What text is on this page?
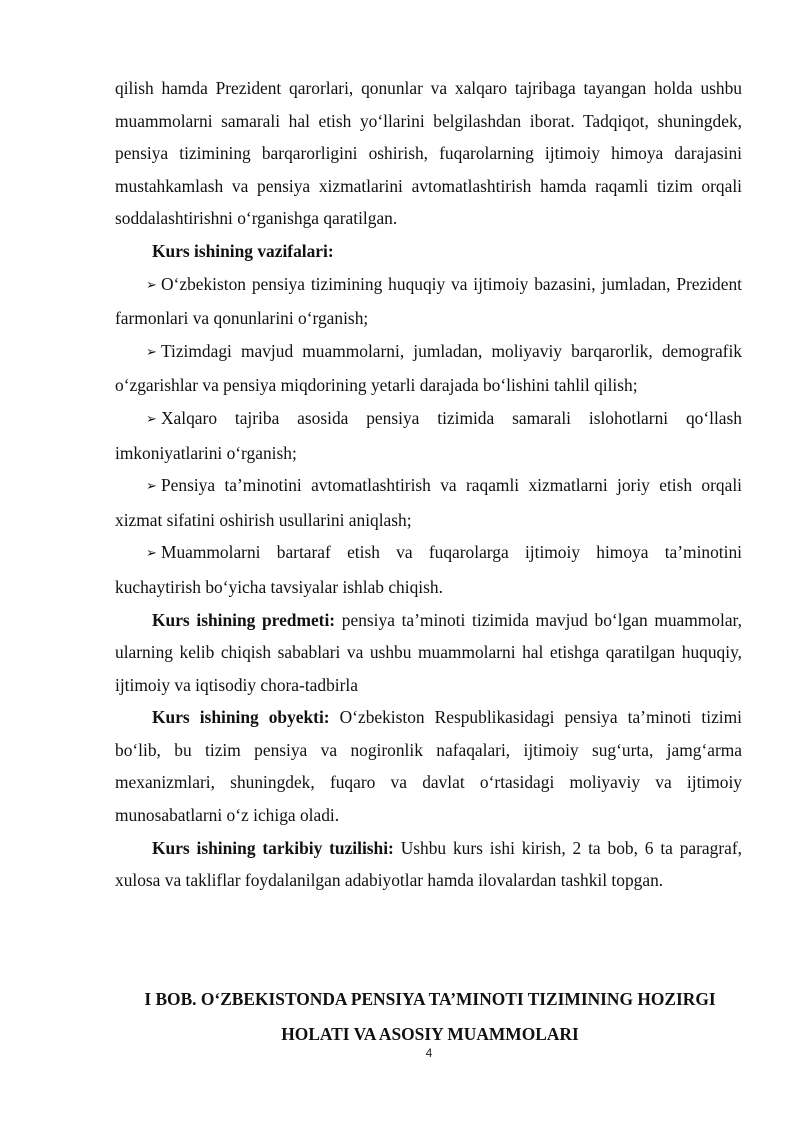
qilish hamda Prezident qarorlari, qonunlar va xalqaro tajribaga tayangan holda ushbu muammolarni samarali hal etish yo‘llarini belgilashdan iborat. Tadqiqot, shuningdek, pensiya tizimining barqarorligini oshirish, fuqarolarning ijtimoiy himoya darajasini mustahkamlash va pensiya xizmatlarini avtomatlashtirish hamda raqamli tizim orqali soddalashtirishni o‘rganishga qaratilgan.

Kurs ishining vazifalari:

➢ O‘zbekiston pensiya tizimining huquqiy va ijtimoiy bazasini, jumladan, Prezident farmonlari va qonunlarini o‘rganish;

➢ Tizimdagi mavjud muammolarni, jumladan, moliyaviy barqarorlik, demografik o‘zgarishlar va pensiya miqdorining yetarli darajada bo‘lishini tahlil qilish;

➢ Xalqaro tajriba asosida pensiya tizimida samarali islohotlarni qo‘llash imkoniyatlarini o‘rganish;

➢ Pensiya ta’minotini avtomatlashtirish va raqamli xizmatlarni joriy etish orqali xizmat sifatini oshirish usullarini aniqlash;

➢ Muammolarni bartaraf etish va fuqarolarga ijtimoiy himoya ta’minotini kuchaytirish bo‘yicha tavsiyalar ishlab chiqish.

Kurs ishining predmeti: pensiya ta’minoti tizimida mavjud bo‘lgan muammolar, ularning kelib chiqish sabablari va ushbu muammolarni hal etishga qaratilgan huquqiy, ijtimoiy va iqtisodiy chora-tadbirla

Kurs ishining obyekti: O‘zbekiston Respublikasidagi pensiya ta’minoti tizimi bo‘lib, bu tizim pensiya va nogironlik nafaqalari, ijtimoiy sug‘urta, jamg‘arma mexanizmlari, shuningdek, fuqaro va davlat o‘rtasidagi moliyaviy va ijtimoiy munosabatlarni o‘z ichiga oladi.

Kurs ishining tarkibiy tuzilishi: Ushbu kurs ishi kirish, 2 ta bob, 6 ta paragraf, xulosa va takliflar foydalanilgan adabiyotlar hamda ilovalardan tashkil topgan.

I BOB. O‘ZBEKISTONDA PENSIYA TA’MINOTI TIZIMINING HOZIRGI
HOLATI VA ASOSIY MUAMMOLARI
4
